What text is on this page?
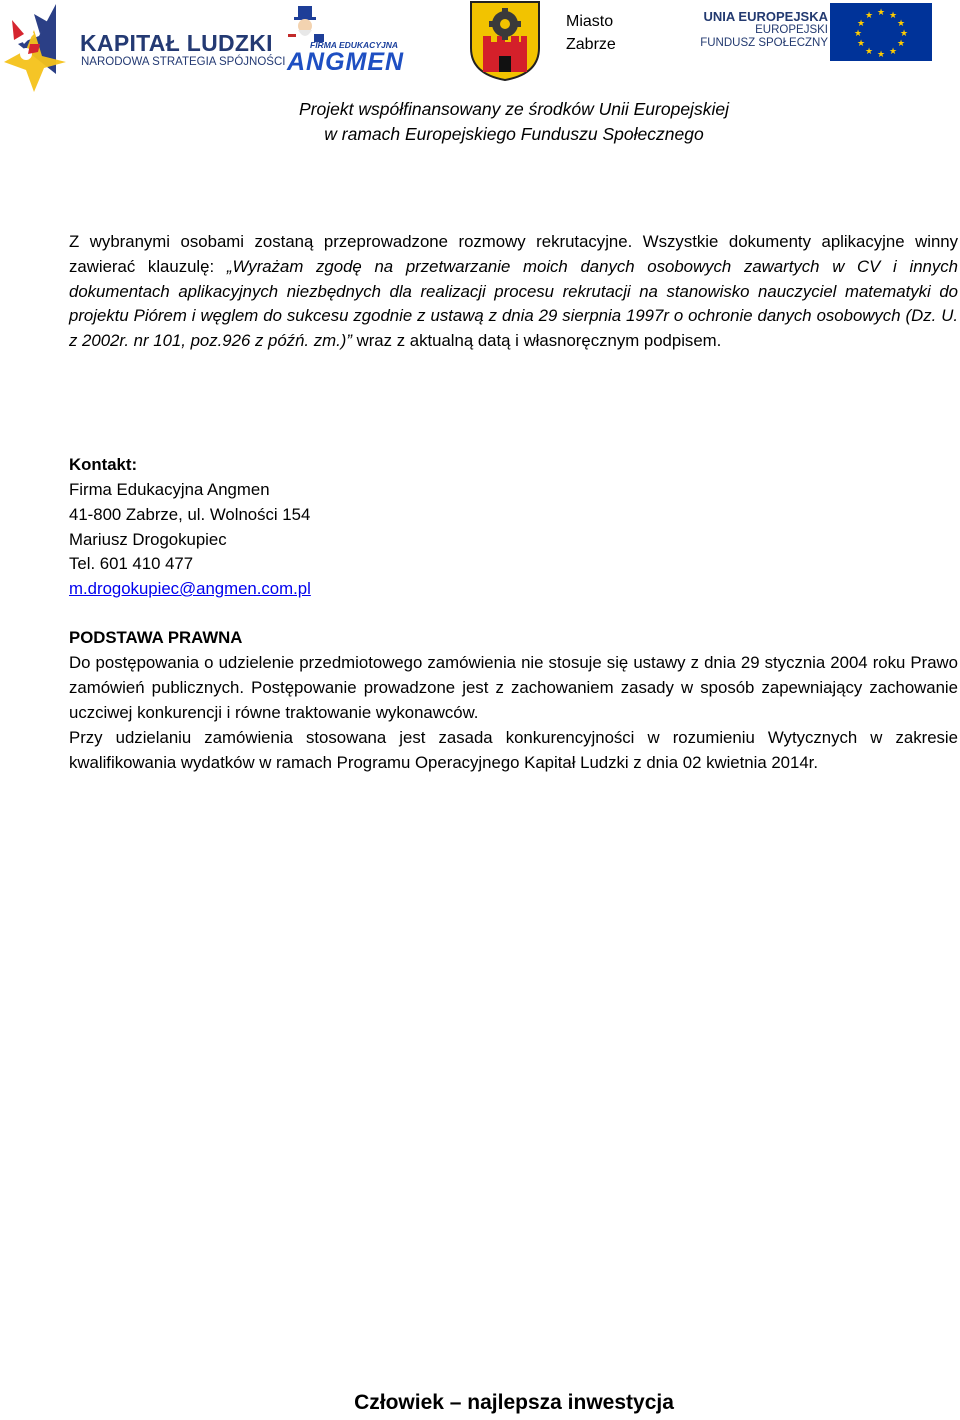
KAPITAŁ LUDZKI
NARODOWA STRATEGIA SPÓJNOŚCI
FIRMA EDUKACYJNA
ANGMEN
Miasto
Zabrze
UNIA EUROPEJSKA
EUROPEJSKI
FUNDUSZ SPOŁECZNY
★ ★
★
★
★
★
★
★
★
★
★
★
Projekt współfinansowany ze środków Unii Europejskiej
w ramach Europejskiego Funduszu Społecznego
Z wybranymi osobami zostaną przeprowadzone rozmowy rekrutacyjne. Wszystkie dokumenty aplikacyjne winny zawierać klauzulę: „Wyrażam zgodę na przetwarzanie moich danych osobowych zawartych w CV i innych dokumentach aplikacyjnych niezbędnych dla realizacji procesu rekrutacji na stanowisko nauczyciel matematyki do projektu Piórem i węglem do sukcesu zgodnie z ustawą z dnia 29 sierpnia 1997r o ochronie danych osobowych (Dz. U. z 2002r. nr 101, poz.926 z późń. zm.)” wraz z aktualną datą i własnoręcznym podpisem.
Kontakt:
Firma Edukacyjna Angmen
41-800 Zabrze, ul. Wolności 154
Mariusz Drogokupiec
Tel. 601 410 477
m.drogokupiec@angmen.com.pl
PODSTAWA PRAWNA
Do postępowania o udzielenie przedmiotowego zamówienia nie stosuje się ustawy z dnia 29 stycznia 2004 roku Prawo zamówień publicznych. Postępowanie prowadzone jest z zachowaniem zasady w sposób zapewniający zachowanie uczciwej konkurencji i równe traktowanie wykonawców.
Przy udzielaniu zamówienia stosowana jest zasada konkurencyjności w rozumieniu Wytycznych w zakresie kwalifikowania wydatków w ramach Programu Operacyjnego Kapitał Ludzki z dnia 02 kwietnia 2014r.
Człowiek – najlepsza inwestycja
